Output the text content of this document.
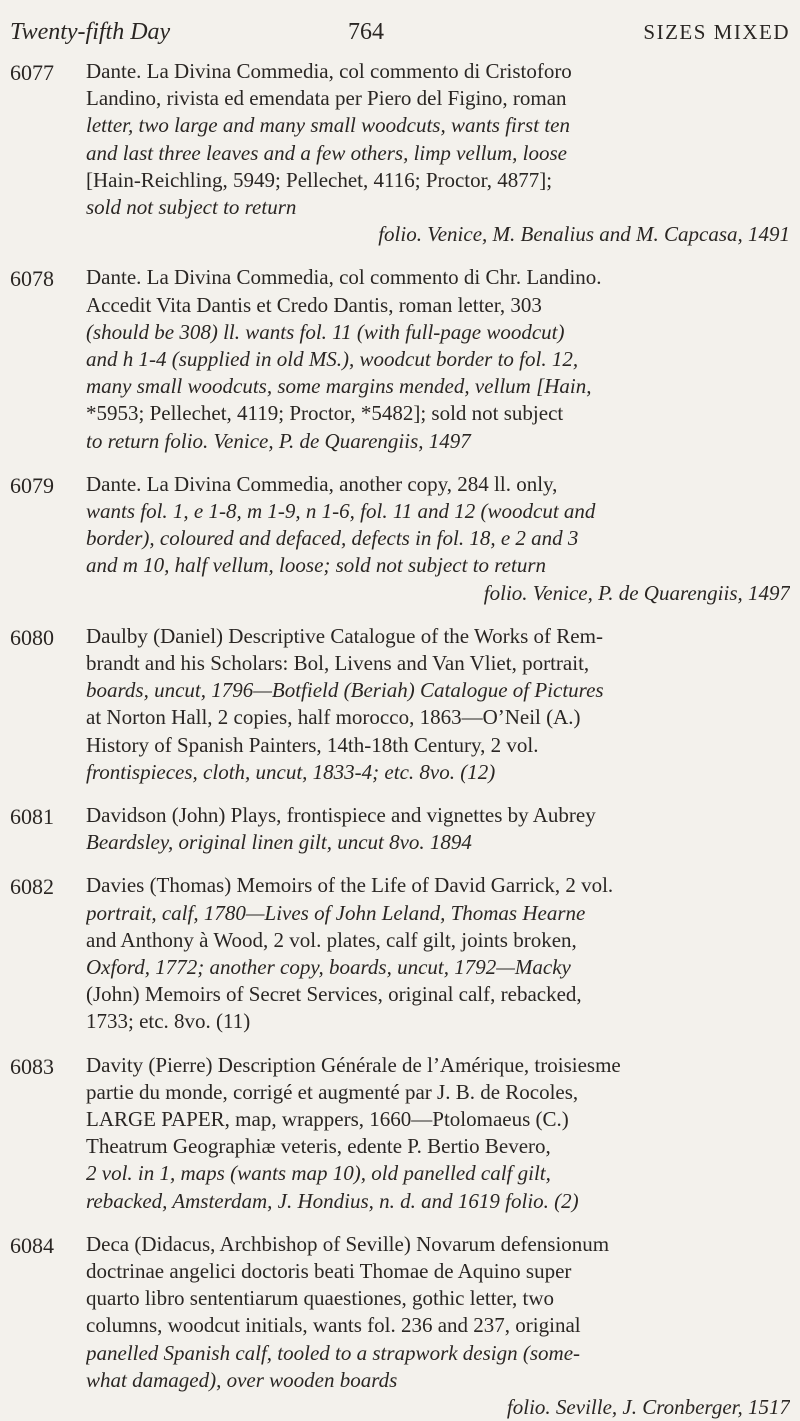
Twenty-fifth Day	764	SIZES MIXED
6077 Dante. La Divina Commedia, col commento di Cristoforo
Landino, rivista ed emendata per Piero del Figino, roman
letter, two large and many small woodcuts, wants first ten
and last three leaves and a few others, limp vellum, loose
[Hain-Reichling, 5949; Pellechet, 4116; Proctor, 4877];
sold not subject to return
folio. Venice, M. Benalius and M. Capcasa, 1491
6078 Dante. La Divina Commedia, col commento di Chr. Landino.
Accedit Vita Dantis et Credo Dantis, roman letter, 303
(should be 308) ll. wants fol. 11 (with full-page woodcut)
and h 1-4 (supplied in old MS.), woodcut border to fol. 12,
many small woodcuts, some margins mended, vellum [Hain,
*5953; Pellechet, 4119; Proctor, *5482]; sold not subject
to return folio. Venice, P. de Quarengiis, 1497
6079 Dante. La Divina Commedia, another copy, 284 ll. only,
wants fol. 1, e 1-8, m 1-9, n 1-6, fol. 11 and 12 (woodcut and
border), coloured and defaced, defects in fol. 18, e 2 and 3
and m 10, half vellum, loose; sold not subject to return
folio. Venice, P. de Quarengiis, 1497
6080 Daulby (Daniel) Descriptive Catalogue of the Works of Rem-
brandt and his Scholars: Bol, Livens and Van Vliet, portrait,
boards, uncut, 1796—Botfield (Beriah) Catalogue of Pictures
at Norton Hall, 2 copies, half morocco, 1863—O’Neil (A.)
History of Spanish Painters, 14th-18th Century, 2 vol.
frontispieces, cloth, uncut, 1833-4; etc. 8vo. (12)
6081 Davidson (John) Plays, frontispiece and vignettes by Aubrey
Beardsley, original linen gilt, uncut 8vo. 1894
6082 Davies (Thomas) Memoirs of the Life of David Garrick, 2 vol.
portrait, calf, 1780—Lives of John Leland, Thomas Hearne
and Anthony à Wood, 2 vol. plates, calf gilt, joints broken,
Oxford, 1772; another copy, boards, uncut, 1792—Macky
(John) Memoirs of Secret Services, original calf, rebacked,
1733; etc. 8vo. (11)
6083 Davity (Pierre) Description Générale de l’Amérique, troisiesme
partie du monde, corrigé et augmenté par J. B. de Rocoles,
LARGE PAPER, map, wrappers, 1660—Ptolomaeus (C.)
Theatrum Geographiæ veteris, edente P. Bertio Bevero,
2 vol. in 1, maps (wants map 10), old panelled calf gilt,
rebacked, Amsterdam, J. Hondius, n. d. and 1619 folio. (2)
6084 Deca (Didacus, Archbishop of Seville) Novarum defensionum
doctrinae angelici doctoris beati Thomae de Aquino super
quarto libro sententiarum quaestiones, gothic letter, two
columns, woodcut initials, wants fol. 236 and 237, original
panelled Spanish calf, tooled to a strapwork design (some-
what damaged), over wooden boards
folio. Seville, J. Cronberger, 1517
